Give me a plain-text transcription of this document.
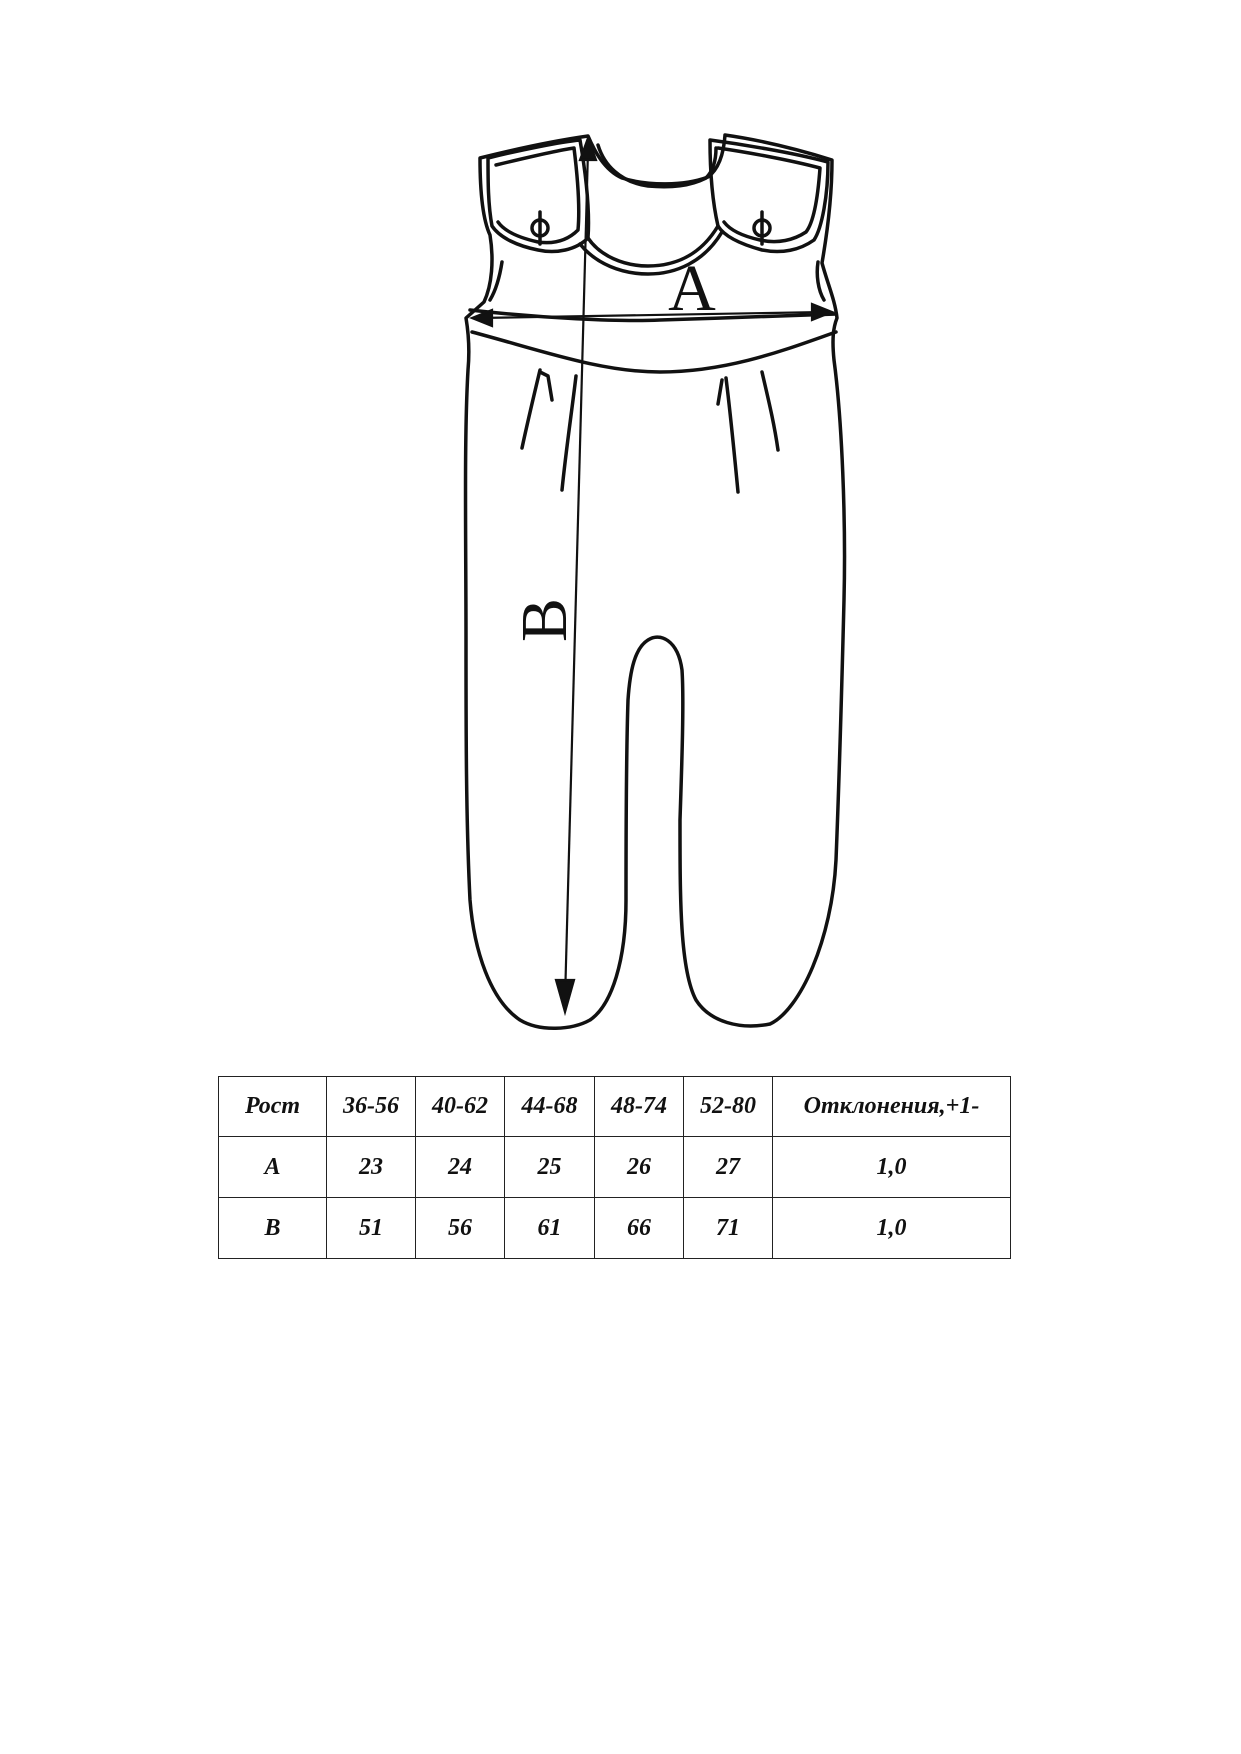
A
B
Рост	36-56	40-62	44-68	48-74	52-80	Отклонения,+1-
A	23	24	25	26	27	1,0
B	51	56	61	66	71	1,0
